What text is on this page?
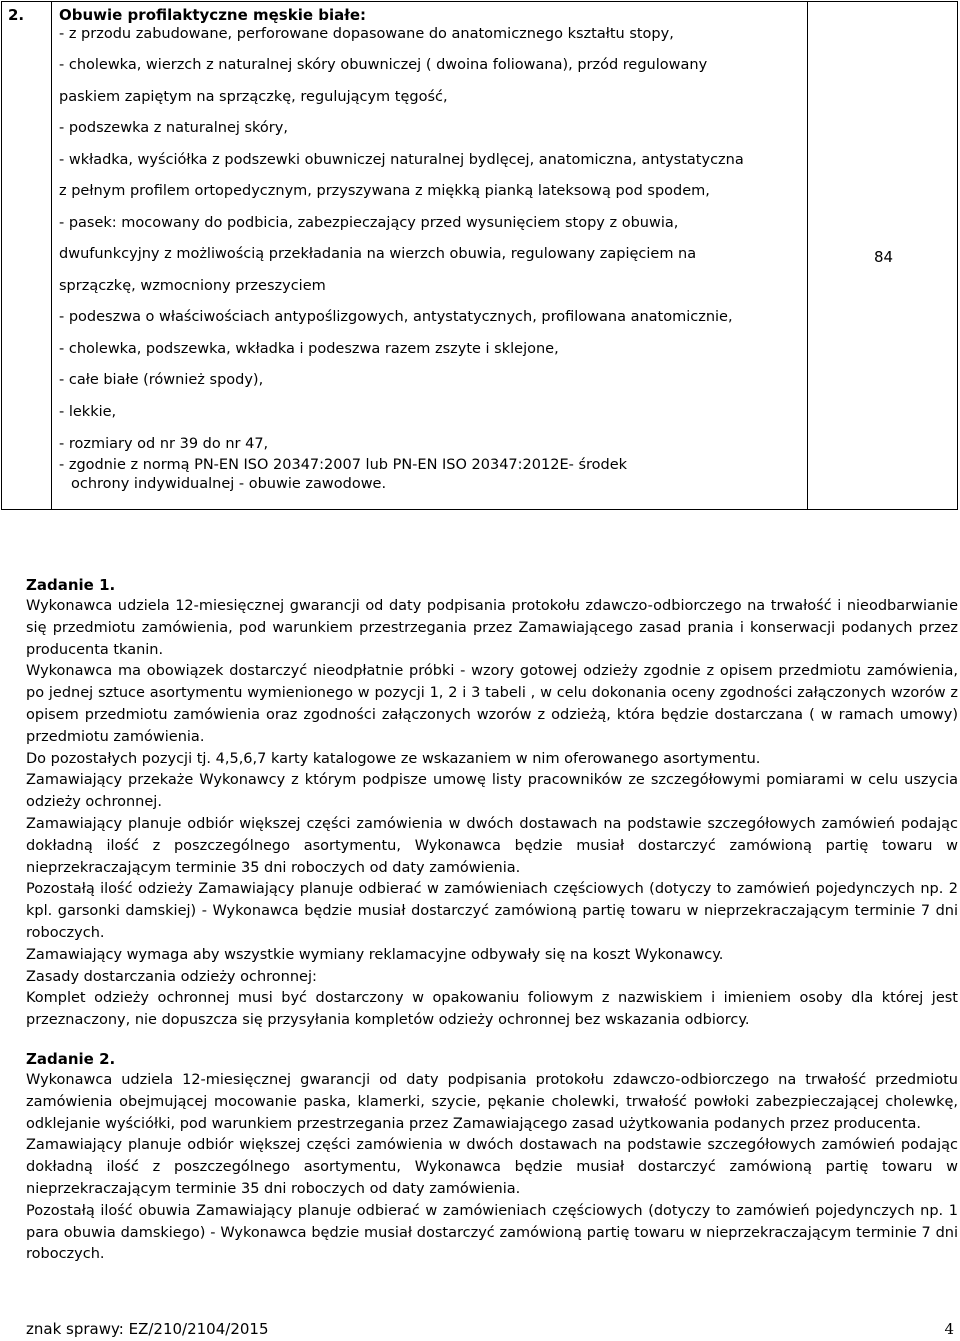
2. Obuwie profilaktyczne męskie białe:
- z przodu zabudowane, perforowane dopasowane do anatomicznego kształtu stopy,
- cholewka, wierzch z naturalnej skóry obuwniczej ( dwoina foliowana), przód regulowany
paskiem zapiętym na sprzączkę, regulującym tęgość,
- podszewka z naturalnej skóry,
- wkładka, wyściółka z podszewki obuwniczej naturalnej bydlęcej, anatomiczna, antystatyczna
z pełnym profilem ortopedycznym, przyszywana z miękką pianką lateksową pod spodem,
- pasek: mocowany do podbicia, zabezpieczający przed wysunięciem stopy z obuwia,
dwufunkcyjny z możliwością przekładania na wierzch obuwia, regulowany zapięciem na
sprzączkę, wzmocniony przeszyciem
- podeszwa o właściwościach antypoślizgowych, antystatycznych, profilowana anatomicznie,
- cholewka, podszewka, wkładka i podeszwa razem zszyte i sklejone,
- całe białe (również spody),
- lekkie,
- rozmiary od nr 39 do nr 47,
- zgodnie z normą PN-EN ISO 20347:2007 lub PN-EN ISO 20347:2012E- środek
ochrony indywidualnej - obuwie zawodowe.
84
Zadanie 1.
Wykonawca udziela 12-miesięcznej gwarancji od daty podpisania protokołu zdawczo-odbiorczego na trwałość i nieodbarwianie się przedmiotu zamówienia, pod warunkiem przestrzegania przez Zamawiającego zasad prania i konserwacji podanych przez producenta tkanin.
Wykonawca ma obowiązek dostarczyć nieodpłatnie próbki - wzory gotowej odzieży zgodnie z opisem przedmiotu zamówienia, po jednej sztuce asortymentu wymienionego w pozycji 1, 2 i 3 tabeli , w celu dokonania oceny zgodności załączonych wzorów z opisem przedmiotu zamówienia oraz zgodności załączonych wzorów z odzieżą, która będzie dostarczana ( w ramach umowy) przedmiotu zamówienia.
Do pozostałych pozycji tj. 4,5,6,7 karty katalogowe ze wskazaniem w nim oferowanego asortymentu.
Zamawiający przekaże Wykonawcy z którym podpisze umowę listy pracowników ze szczegółowymi pomiarami w celu uszycia odzieży ochronnej.
Zamawiający planuje odbiór większej części zamówienia w dwóch dostawach na podstawie szczegółowych zamówień podając dokładną ilość z poszczególnego asortymentu, Wykonawca będzie musiał dostarczyć zamówioną partię towaru w nieprzekraczającym terminie 35 dni roboczych od daty zamówienia.
Pozostałą ilość odzieży Zamawiający planuje odbierać w zamówieniach częściowych (dotyczy to zamówień pojedynczych np. 2 kpl. garsonki damskiej) - Wykonawca będzie musiał dostarczyć zamówioną partię towaru w nieprzekraczającym terminie 7 dni roboczych.
Zamawiający wymaga aby wszystkie wymiany reklamacyjne odbywały się na koszt Wykonawcy.
Zasady dostarczania odzieży ochronnej:
Komplet odzieży ochronnej musi być dostarczony w opakowaniu foliowym z nazwiskiem i imieniem osoby dla której jest przeznaczony, nie dopuszcza się przysyłania kompletów odzieży ochronnej bez wskazania odbiorcy.
Zadanie 2.
Wykonawca udziela 12-miesięcznej gwarancji od daty podpisania protokołu zdawczo-odbiorczego na trwałość przedmiotu zamówienia obejmującej mocowanie paska, klamerki, szycie, pękanie cholewki, trwałość powłoki zabezpieczającej cholewkę, odklejanie wyściółki, pod warunkiem przestrzegania przez Zamawiającego zasad użytkowania podanych przez producenta.
Zamawiający planuje odbiór większej części zamówienia w dwóch dostawach na podstawie szczegółowych zamówień podając dokładną ilość z poszczególnego asortymentu, Wykonawca będzie musiał dostarczyć zamówioną partię towaru w nieprzekraczającym terminie 35 dni roboczych od daty zamówienia.
Pozostałą ilość obuwia Zamawiający planuje odbierać w zamówieniach częściowych (dotyczy to zamówień pojedynczych np. 1 para obuwia damskiego) - Wykonawca będzie musiał dostarczyć zamówioną partię towaru w nieprzekraczającym terminie 7 dni roboczych.
znak sprawy: EZ/210/2104/2015	4
